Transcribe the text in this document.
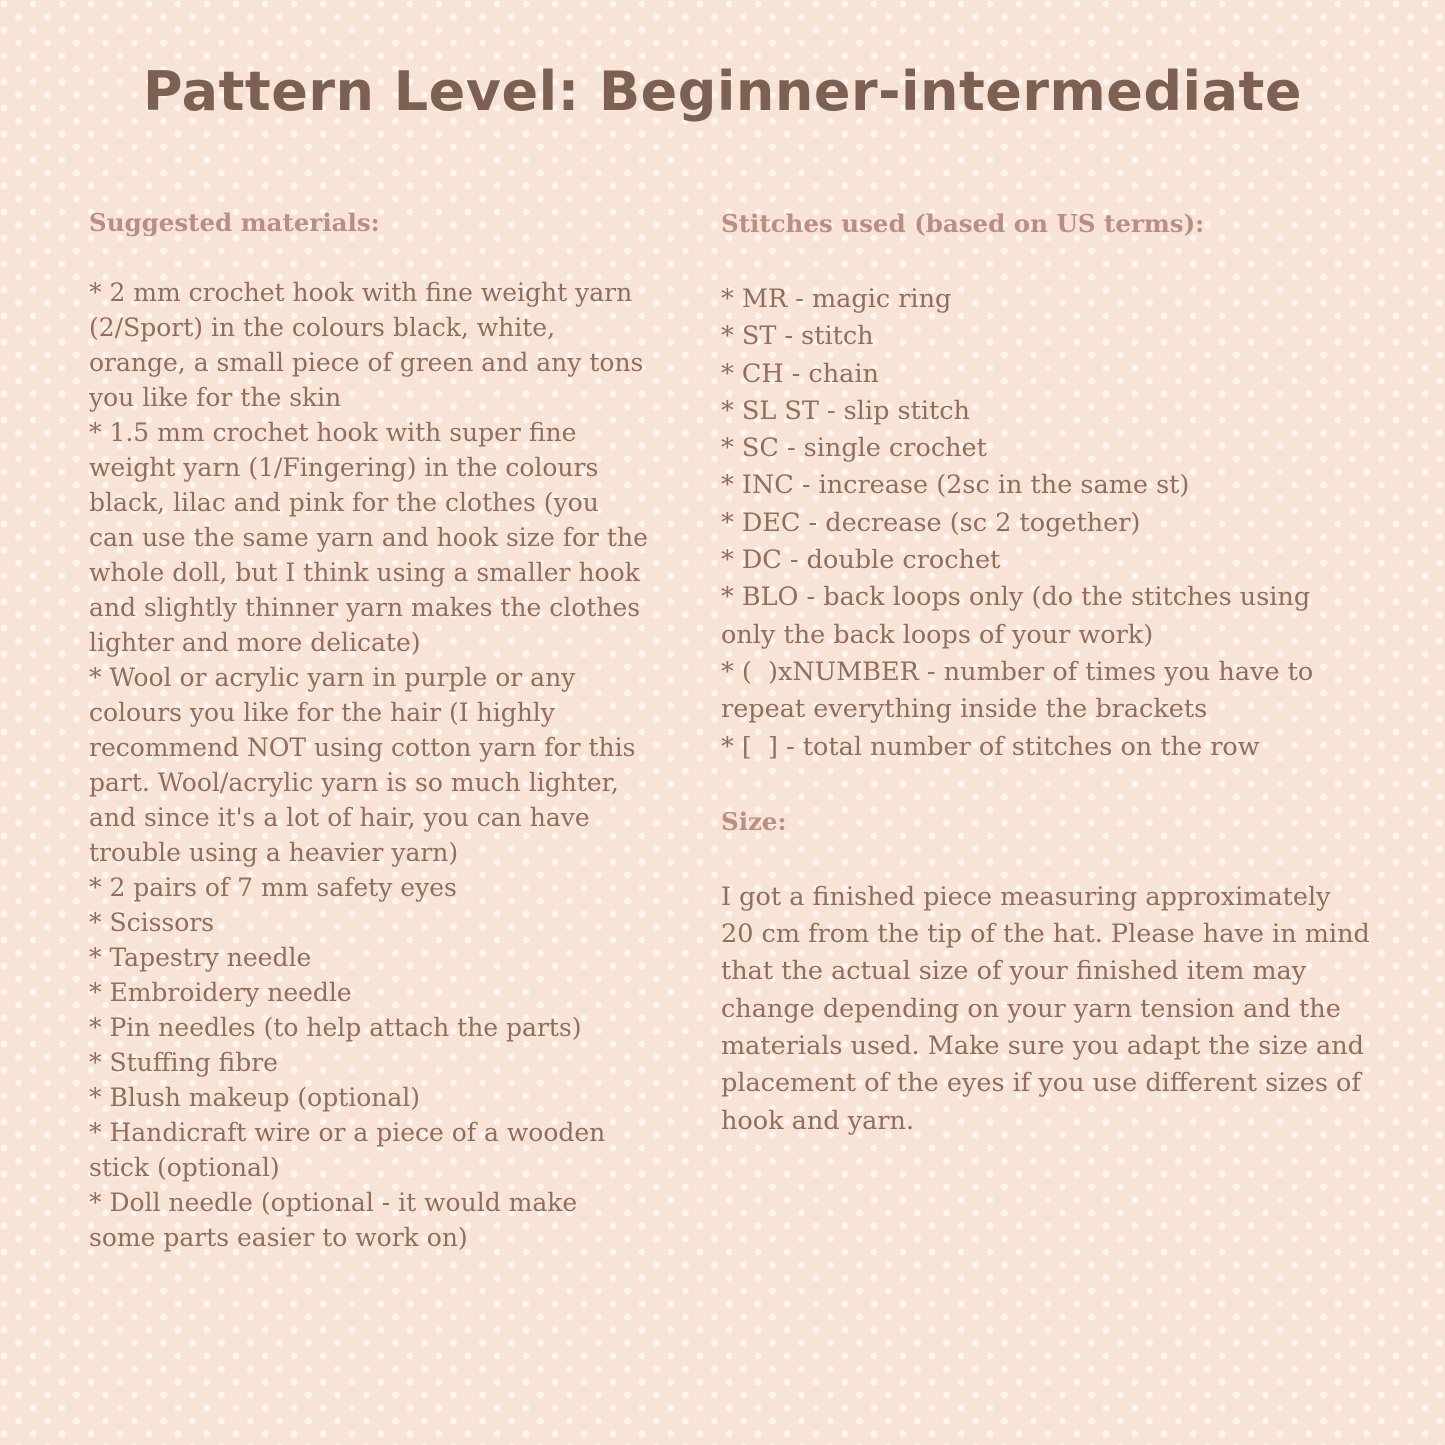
Pattern Level: Beginner-intermediate

Suggested materials:

* 2 mm crochet hook with fine weight yarn (2/Sport) in the colours black, white, orange, a small piece of green and any tons you like for the skin
* 1.5 mm crochet hook with super fine weight yarn (1/Fingering) in the colours black, lilac and pink for the clothes (you can use the same yarn and hook size for the whole doll, but I think using a smaller hook and slightly thinner yarn makes the clothes lighter and more delicate)
* Wool or acrylic yarn in purple or any colours you like for the hair (I highly recommend NOT using cotton yarn for this part. Wool/acrylic yarn is so much lighter, and since it's a lot of hair, you can have trouble using a heavier yarn)
* 2 pairs of 7 mm safety eyes
* Scissors
* Tapestry needle
* Embroidery needle
* Pin needles (to help attach the parts)
* Stuffing fibre
* Blush makeup (optional)
* Handicraft wire or a piece of a wooden stick (optional)
* Doll needle (optional - it would make some parts easier to work on)

Stitches used (based on US terms):

* MR - magic ring
* ST - stitch
* CH - chain
* SL ST - slip stitch
* SC - single crochet
* INC - increase (2sc in the same st)
* DEC - decrease (sc 2 together)
* DC - double crochet
* BLO - back loops only (do the stitches using only the back loops of your work)
* (  )xNUMBER - number of times you have to repeat everything inside the brackets
* [  ] - total number of stitches on the row

Size:

I got a finished piece measuring approximately 20 cm from the tip of the hat. Please have in mind that the actual size of your finished item may change depending on your yarn tension and the materials used. Make sure you adapt the size and placement of the eyes if you use different sizes of hook and yarn.
